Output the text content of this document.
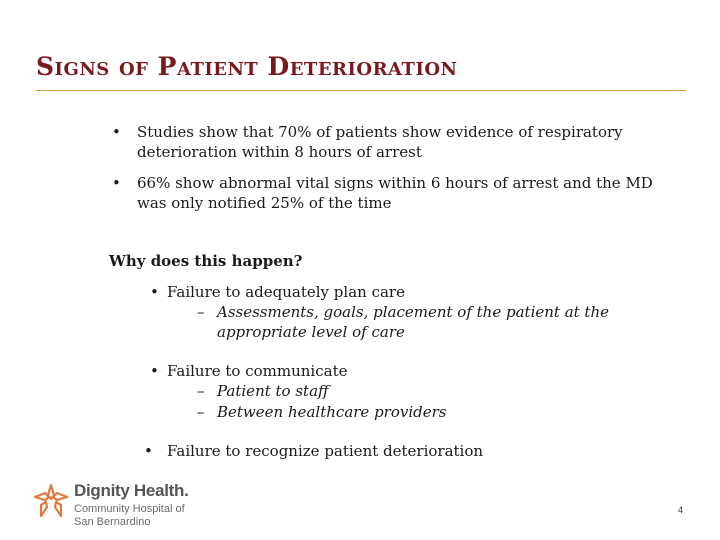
Signs of Patient Deterioration
• Studies show that 70% of patients show evidence of respiratory
deterioration within 8 hours of arrest
• 66% show abnormal vital signs within 6 hours of arrest and the MD
was only notified 25% of the time
Why does this happen?
• Failure to adequately plan care
– Assessments, goals, placement of the patient at the
appropriate level of care
• Failure to communicate
– Patient to staff
– Between healthcare providers
• Failure to recognize patient deterioration
Dignity Health.
Community Hospital of
San Bernardino
4
